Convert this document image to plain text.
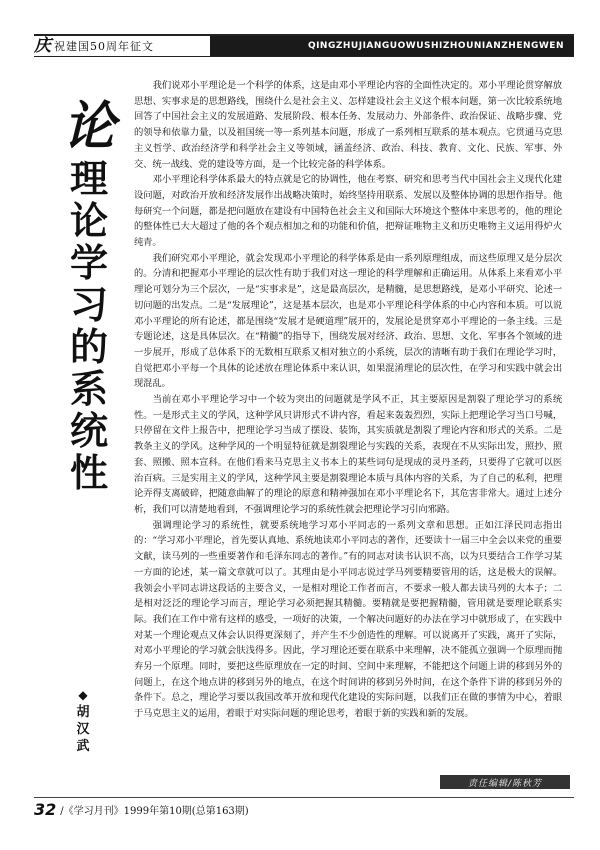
庆 祝建国50周年征文	QINGZHUJIANGUOWUSHIZHOUNIANZHENGWEN
论
理
论
学
习
的
系
统
性
◆
胡
汉
武

我们说邓小平理论是一个科学的体系，这是由邓小平理论内容的全面性决定的。邓小平理论贯穿解放思想、实事求是的思想路线，围绕什么是社会主义、怎样建设社会主义这个根本问题，第一次比较系统地回答了中国社会主义的发展道路、发展阶段、根本任务、发展动力、外部条件、政治保证、战略步骤、党的领导和依靠力量，以及祖国统一等一系列基本问题，形成了一系列相互联系的基本观点。它贯通马克思主义哲学、政治经济学和科学社会主义等领域，涵盖经济、政治、科技、教育、文化、民族、军事、外交、统一战线、党的建设等方面，是一个比较完备的科学体系。

邓小平理论科学体系最大的特点就是它的协调性，他在考察、研究和思考当代中国社会主义现代化建设问题，对政治开放和经济发展作出战略决策时，始终坚持用联系、发展以及整体协调的思想作指导。他每研究一个问题，都是把问题放在建设有中国特色社会主义和国际大环境这个整体中来思考的，他的理论的整体性已大大超过了他的各个观点相加之和的功能和价值，把辩证唯物主义和历史唯物主义运用得炉火纯青。

我们研究邓小平理论，就会发现邓小平理论的科学体系是由一系列原理组成，而这些原理又是分层次的。分清和把握邓小平理论的层次性有助于我们对这一理论的科学理解和正确运用。从体系上来看邓小平理论可划分为三个层次，一是“实事求是”，这是最高层次，是精髓，是思想路线，是邓小平研究、论述一切问题的出发点。二是“发展理论”，这是基本层次，也是邓小平理论科学体系的中心内容和本质。可以说邓小平理论的所有论述，都是围绕“发展才是硬道理”展开的，发展论是贯穿邓小平理论的一条主线。三是专题论述，这是具体层次。在“精髓”的指导下，围绕发展对经济、政治、思想、文化、军事各个领域的进一步展开，形成了总体系下的无数相互联系又相对独立的小系统，层次的清晰有助于我们在理论学习时，自觉把邓小平每一个具体的论述放在理论体系中来认识，如果混淆理论的层次性，在学习和实践中就会出现混乱。

当前在邓小平理论学习中一个较为突出的问题就是学风不正，其主要原因是割裂了理论学习的系统性。一是形式主义的学风，这种学风只讲形式不讲内容，看起来轰轰烈烈，实际上把理论学习当口号喊，只停留在文件上报告中，把理论学习当成了摆设、装饰，其实质就是割裂了理论内容和形式的关系。二是教条主义的学风。这种学风的一个明显特征就是割裂理论与实践的关系，表现在不从实际出发，照抄、照套、照搬、照本宣科。在他们看来马克思主义书本上的某些词句是现成的灵丹圣药，只要得了它就可以医治百病。三是实用主义的学风，这种学风主要是割裂理论本质与具体内容的关系，为了自己的私利，把理论弄得支离破碎，把随意曲解了的理论的原意和精神强加在邓小平理论名下，其危害非常大。通过上述分析，我们可以清楚地看到，不强调理论学习的系统性就会把理论学习引向邪路。

强调理论学习的系统性，就要系统地学习邓小平同志的一系列文章和思想。正如江泽民同志指出的：“学习邓小平理论，首先要认真地、系统地读邓小平同志的著作，还要读十一届三中全会以来党的重要文献，读马列的一些重要著作和毛泽东同志的著作。”有的同志对读书认识不高，以为只要结合工作学习某一方面的论述，某一篇文章就可以了。其理由是小平同志说过学马列要精要管用的话，这是极大的误解。我领会小平同志讲这段话的主要含义，一是相对理论工作者而言，不要求一般人都去读马列的大本子；二是相对泛泛的理论学习而言，理论学习必须把握其精髓。要精就是要把握精髓，管用就是要理论联系实际。我们在工作中常有这样的感受，一项好的决策，一个解决问题好的办法在学习中就形成了，在实践中对某一个理论观点又体会认识得更深刻了，并产生不少创造性的理解。可以说离开了实践，离开了实际，对邓小平理论的学习就会肤浅得多。因此，学习理论还要在联系中来理解，决不能孤立强调一个原理而抛弃另一个原理。同时，要把这些原理放在一定的时间、空间中来理解，不能把这个问题上讲的移到另外的问题上，在这个地点讲的移到另外的地点，在这个时间讲的移到另外时间，在这个条件下讲的移到另外的条件下。总之，理论学习要以我国改革开放和现代化建设的实际问题，以我们正在做的事情为中心，着眼于马克思主义的运用，着眼于对实际问题的理论思考，着眼于新的实践和新的发展。

责任编辑/陈秋芳
32 /《学习月刊》1999年第10期(总第163期)
